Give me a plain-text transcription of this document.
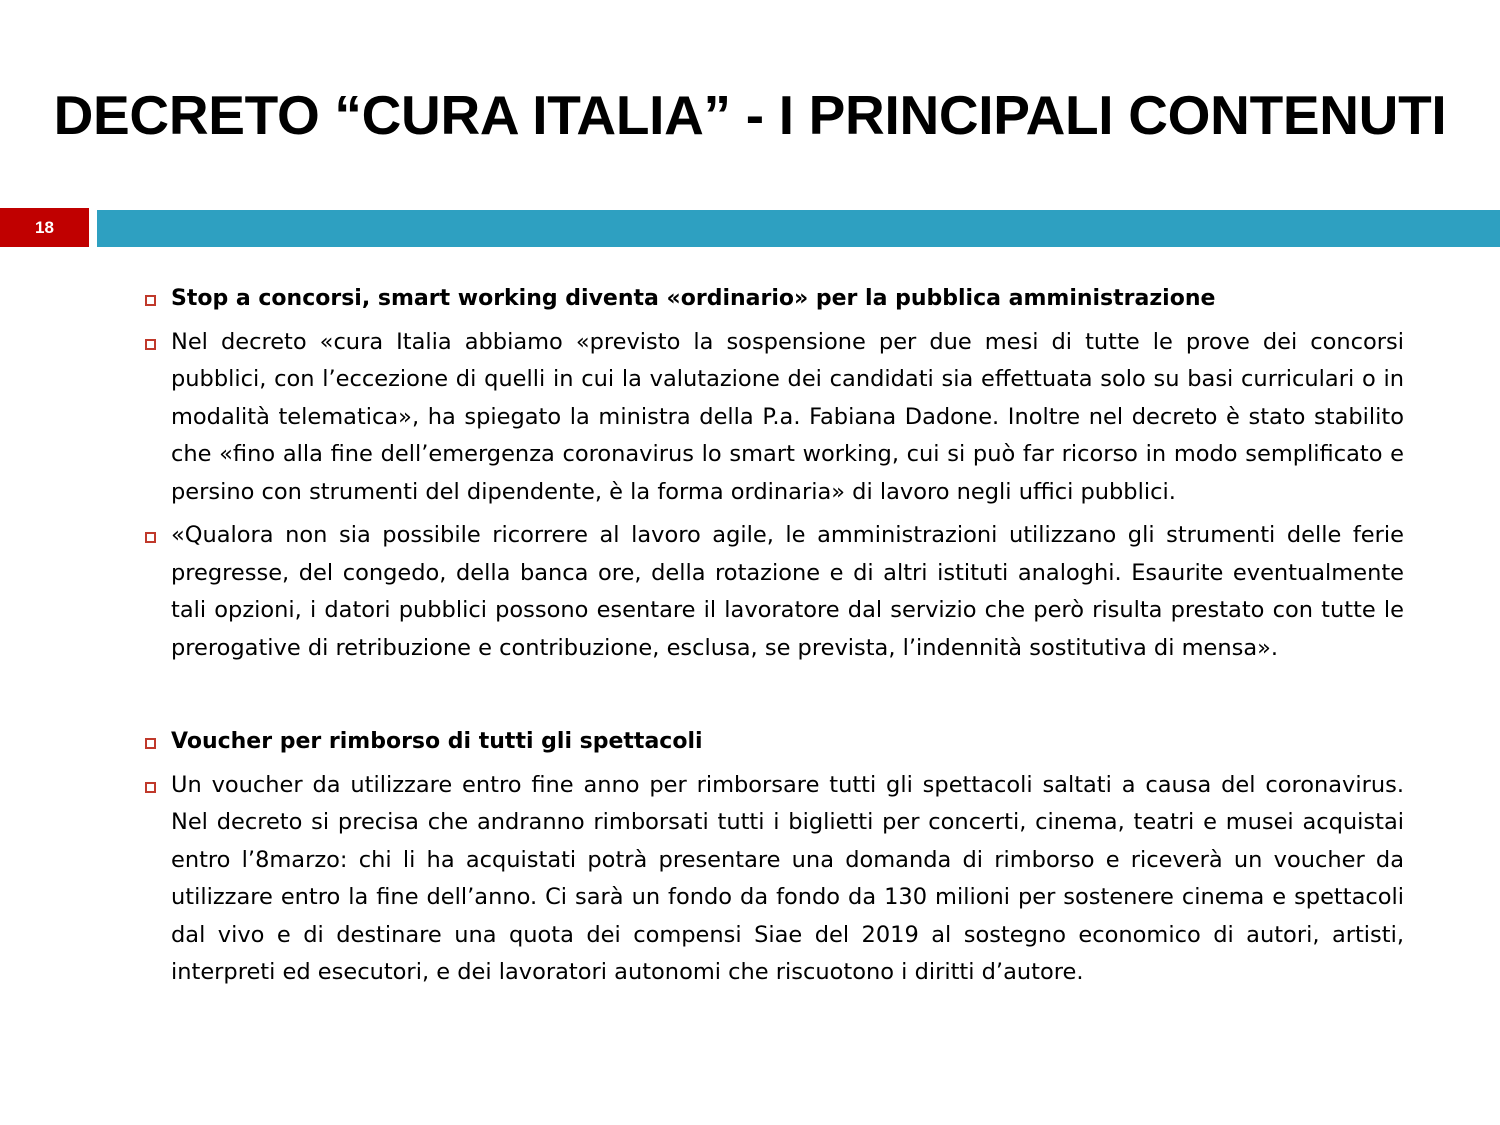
DECRETO “CURA ITALIA” - I PRINCIPALI CONTENUTI
18
Stop a concorsi, smart working diventa «ordinario» per la pubblica amministrazione
Nel decreto «cura Italia abbiamo «previsto la sospensione per due mesi di tutte le prove dei concorsi pubblici, con l’eccezione di quelli in cui la valutazione dei candidati sia effettuata solo su basi curriculari o in modalità telematica», ha spiegato la ministra della P.a. Fabiana Dadone. Inoltre nel decreto è stato stabilito che «fino alla fine dell’emergenza coronavirus lo smart working, cui si può far ricorso in modo semplificato e persino con strumenti del dipendente, è la forma ordinaria» di lavoro negli uffici pubblici.
«Qualora non sia possibile ricorrere al lavoro agile, le amministrazioni utilizzano gli strumenti delle ferie pregresse, del congedo, della banca ore, della rotazione e di altri istituti analoghi. Esaurite eventualmente tali opzioni, i datori pubblici possono esentare il lavoratore dal servizio che però risulta prestato con tutte le prerogative di retribuzione e contribuzione, esclusa, se prevista, l’indennità sostitutiva di mensa».
Voucher per rimborso di tutti gli spettacoli
Un voucher da utilizzare entro fine anno per rimborsare tutti gli spettacoli saltati a causa del coronavirus. Nel decreto si precisa che andranno rimborsati tutti i biglietti per concerti, cinema, teatri e musei acquistai entro l’8marzo: chi li ha acquistati potrà presentare una domanda di rimborso e riceverà un voucher da utilizzare entro la fine dell’anno. Ci sarà un fondo da fondo da 130 milioni per sostenere cinema e spettacoli dal vivo e di destinare una quota dei compensi Siae del 2019 al sostegno economico di autori, artisti, interpreti ed esecutori, e dei lavoratori autonomi che riscuotono i diritti d’autore.
